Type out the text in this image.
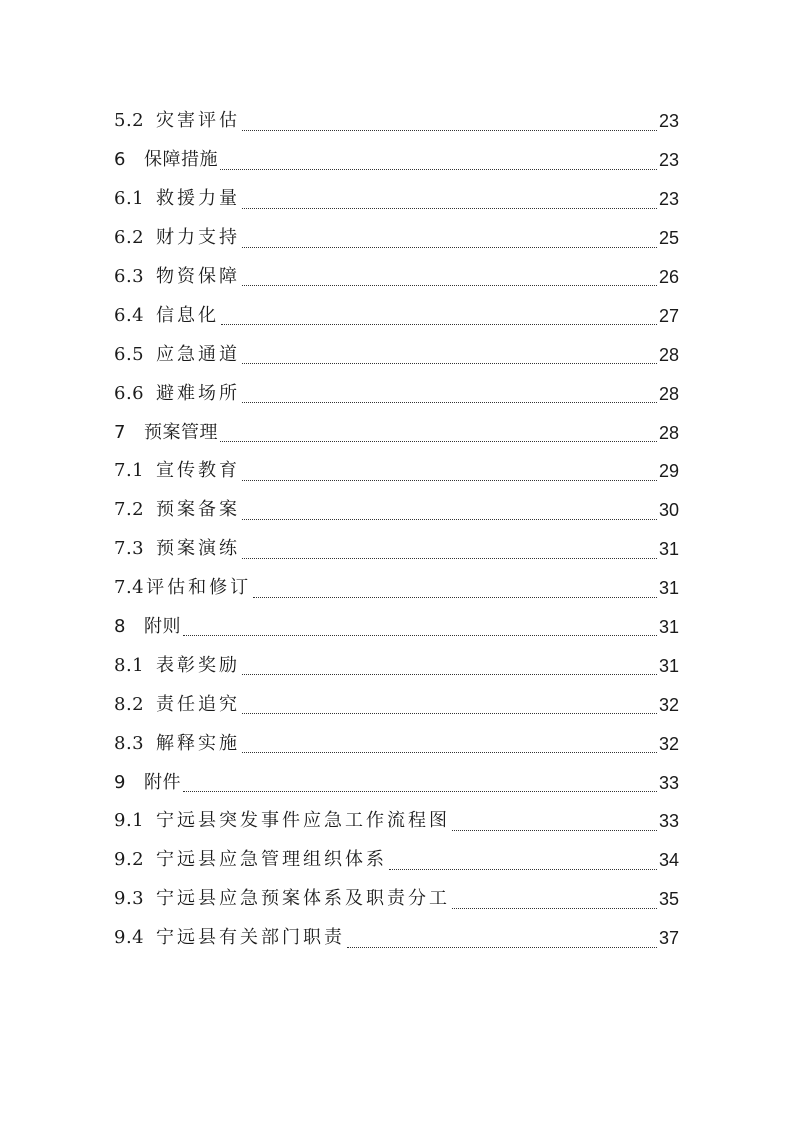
5.2 灾害评估	23
6	保障措施	23
6.1 救援力量	23
6.2 财力支持	25
6.3 物资保障	26
6.4 信息化	27
6.5 应急通道	28
6.6 避难场所	28
7	预案管理	28
7.1 宣传教育	29
7.2 预案备案	30
7.3 预案演练	31
7.4 评估和修订	31
8	附则	31
8.1 表彰奖励	31
8.2 责任追究	32
8.3 解释实施	32
9	附件	33
9.1 宁远县突发事件应急工作流程图	33
9.2 宁远县应急管理组织体系	34
9.3 宁远县应急预案体系及职责分工	35
9.4 宁远县有关部门职责	37
